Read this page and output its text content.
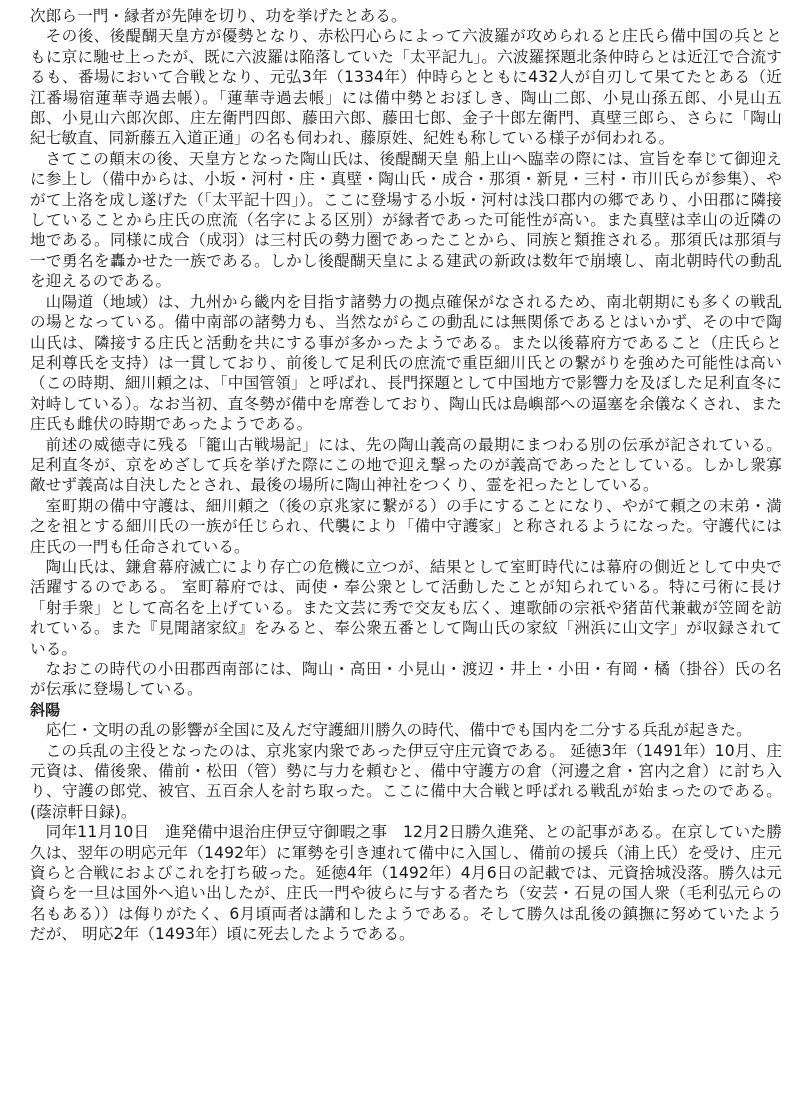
次郎ら一門・縁者が先陣を切り、功を挙げたとある。

その後、後醍醐天皇方が優勢となり、赤松円心らによって六波羅が攻められると庄氏ら備中国の兵とともに京に馳せ上ったが、既に六波羅は陥落していた「太平記九」。六波羅探題北条仲時らとは近江で合流するも、番場において合戦となり、元弘3年（1334年）仲時らとともに432人が自刃して果てたとある（近江番場宿蓮華寺過去帳）。「蓮華寺過去帳」には備中勢とおぼしき、陶山二郎、小見山孫五郎、小見山五郎、小見山六郎次郎、庄左衛門四郎、藤田六郎、藤田七郎、金子十郎左衛門、真壁三郎ら、さらに「陶山紀七敏直、同新藤五入道正通」の名も伺われ、藤原姓、紀姓も称している様子が伺われる。

さてこの顛末の後、天皇方となった陶山氏は、後醍醐天皇 船上山へ臨幸の際には、宣旨を奉じて御迎えに参上し（備中からは、小坂・河村・庄・真壁・陶山氏・成合・那須・新見・三村・市川氏らが参集）、やがて上洛を成し遂げた（「太平記十四」）。ここに登場する小坂・河村は浅口郡内の郷であり、小田郡に隣接していることから庄氏の庶流（名字による区別）が縁者であった可能性が高い。また真壁は幸山の近隣の地である。同様に成合（成羽）は三村氏の勢力圏であったことから、同族と類推される。那須氏は那須与一で勇名を轟かせた一族である。しかし後醍醐天皇による建武の新政は数年で崩壊し、南北朝時代の動乱を迎えるのである。

山陽道（地域）は、九州から畿内を目指す諸勢力の拠点確保がなされるため、南北朝期にも多くの戦乱の場となっている。備中南部の諸勢力も、当然ながらこの動乱には無関係であるとはいかず、その中で陶山氏は、隣接する庄氏と活動を共にする事が多かったようである。また以後幕府方であること（庄氏らと足利尊氏を支持）は一貫しており、前後して足利氏の庶流で重臣細川氏との繋がりを強めた可能性は高い（この時期、細川頼之は、「中国管領」と呼ばれ、長門探題として中国地方で影響力を及ぼした足利直冬に対峙している）。なお当初、直冬勢が備中を席巻しており、陶山氏は島嶼部への逼塞を余儀なくされ、また庄氏も雌伏の時期であったようである。

前述の威徳寺に残る「籠山古戦場記」には、先の陶山義高の最期にまつわる別の伝承が記されている。足利直冬が、京をめざして兵を挙げた際にこの地で迎え撃ったのが義高であったとしている。しかし衆寡敵せず義高は自決したとされ、最後の場所に陶山神社をつくり、霊を祀ったとしている。

室町期の備中守護は、細川頼之（後の京兆家に繋がる）の手にすることになり、やがて頼之の末弟・満之を祖とする細川氏の一族が任じられ、代襲により「備中守護家」と称されるようになった。守護代には庄氏の一門も任命されている。

陶山氏は、鎌倉幕府滅亡により存亡の危機に立つが、結果として室町時代には幕府の側近として中央で活躍するのである。 室町幕府では、両使・奉公衆として活動したことが知られている。特に弓術に長け「射手衆」として高名を上げている。また文芸に秀で交友も広く、連歌師の宗祇や猪苗代兼載が笠岡を訪れている。また『見聞諸家紋』をみると、奉公衆五番として陶山氏の家紋「洲浜に山文字」が収録されている。

なおこの時代の小田郡西南部には、陶山・高田・小見山・渡辺・井上・小田・有岡・橘（掛谷）氏の名が伝承に登場している。

斜陽

応仁・文明の乱の影響が全国に及んだ守護細川勝久の時代、備中でも国内を二分する兵乱が起きた。

この兵乱の主役となったのは、京兆家内衆であった伊豆守庄元資である。 延徳3年（1491年）10月、庄元資は、備後衆、備前・松田（管）勢に与力を頼むと、備中守護方の倉（河邊之倉・宮内之倉）に討ち入り、守護の郎党、被官、五百余人を討ち取った。ここに備中大合戦と呼ばれる戦乱が始まったのである。(蔭涼軒日録)。

同年11月10日　進発備中退治庄伊豆守御暇之事　12月2日勝久進発、との記事がある。在京していた勝久は、翌年の明応元年（1492年）に軍勢を引き連れて備中に入国し、備前の援兵（浦上氏）を受け、庄元資らと合戦におよびこれを打ち破った。延徳4年（1492年）4月6日の記載では、元資捨城没落。勝久は元資らを一旦は国外へ追い出したが、庄氏一門や彼らに与する者たち（安芸・石見の国人衆（毛利弘元らの名もある））は侮りがたく、6月頃両者は講和したようである。そして勝久は乱後の鎮撫に努めていたようだが、 明応2年（1493年）頃に死去したようである。
